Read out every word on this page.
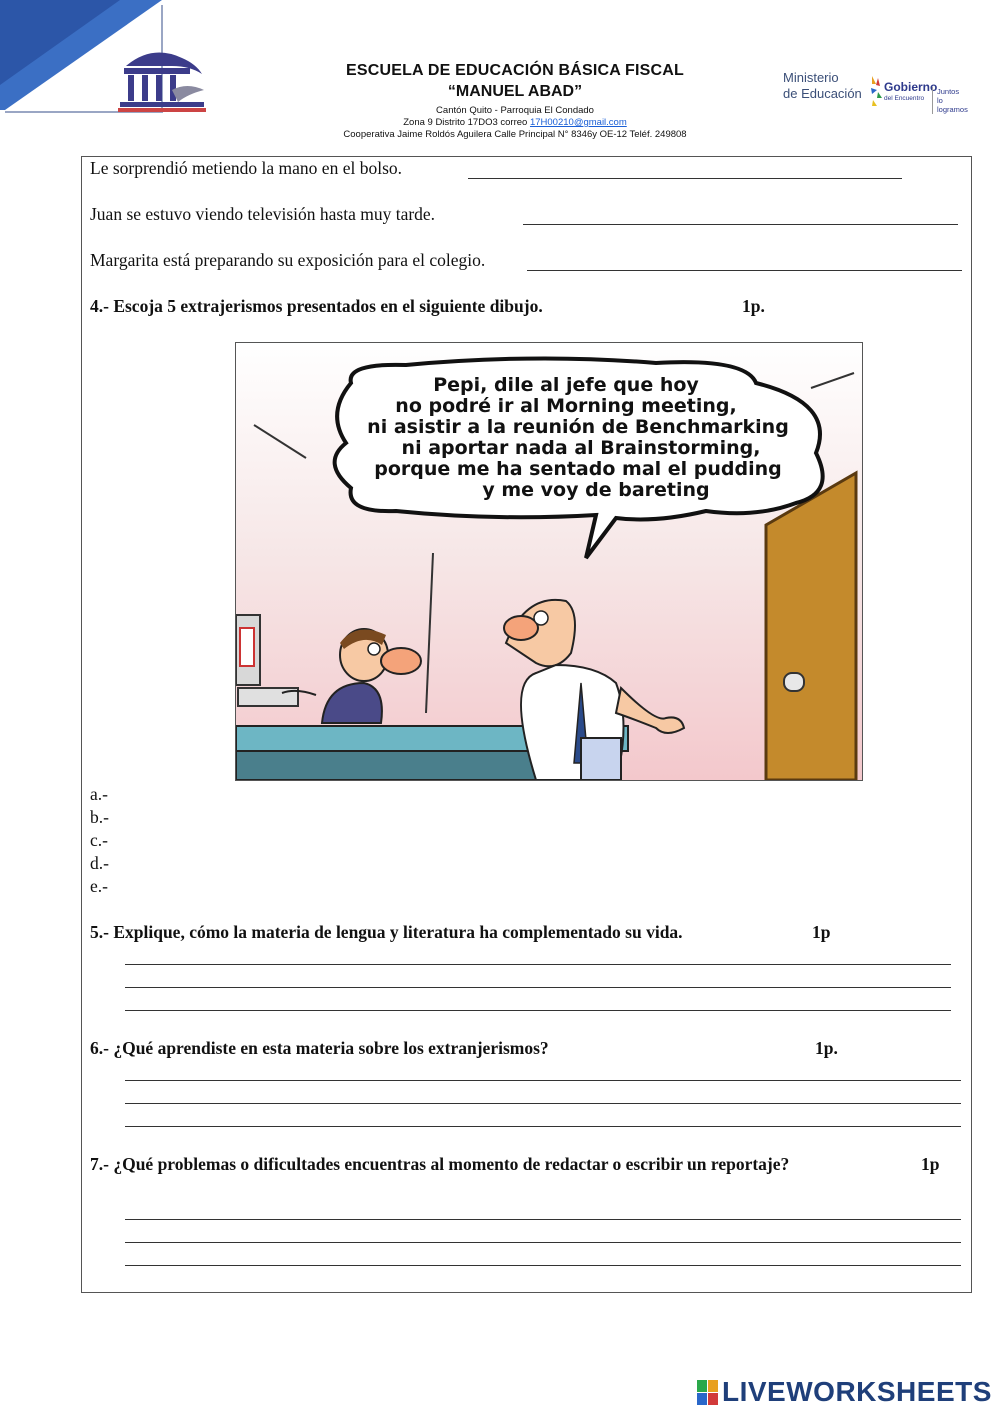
ESCUELA DE EDUCACIÓN BÁSICA FISCAL
“MANUEL ABAD”
Cantón Quito - Parroquia El Condado
Zona 9 Distrito 17DO3 correo 17H00210@gmail.com
Cooperativa Jaime Roldós Aguilera Calle Principal N° 8346y OE-12 Teléf. 249808
Ministerio
de Educación Gobierno
del Encuentro
Juntos
lo logramos
Le sorprendió metiendo la mano en el bolso.
Juan se estuvo viendo televisión hasta muy tarde.
Margarita está preparando su exposición para el colegio.
4.- Escoja 5 extrajerismos presentados en el siguiente dibujo.	1p.
Pepi, dile al jefe que hoy
no podré ir al Morning meeting,
ni asistir a la reunión de Benchmarking
ni aportar nada al Brainstorming,
porque me ha sentado mal el pudding
y me voy de bareting
a.-
b.-
c.-
d.-
e.-
5.- Explique, cómo la materia de lengua y literatura ha complementado su vida.	1p
6.- ¿Qué aprendiste en esta materia sobre los extranjerismos?	1p.
7.- ¿Qué problemas o dificultades encuentras al momento de redactar o escribir un reportaje?	1p
LIVEWORKSHEETS
